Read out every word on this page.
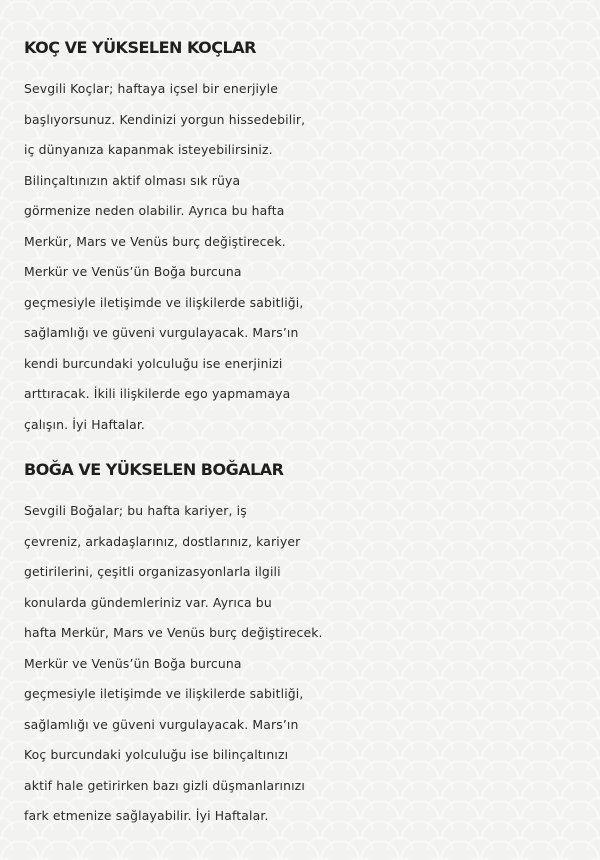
KOÇ VE YÜKSELEN KOÇLAR
Sevgili Koçlar; haftaya içsel bir enerjiyle
başlıyorsunuz. Kendinizi yorgun hissedebilir,
iç dünyanıza kapanmak isteyebilirsiniz.
Bilinçaltınızın aktif olması sık rüya
görmenize neden olabilir. Ayrıca bu hafta
Merkür, Mars ve Venüs burç değiştirecek.
Merkür ve Venüs’ün Boğa burcuna
geçmesiyle iletişimde ve ilişkilerde sabitliği,
sağlamlığı ve güveni vurgulayacak. Mars’ın
kendi burcundaki yolculuğu ise enerjinizi
arttıracak. İkili ilişkilerde ego yapmamaya
çalışın. İyi Haftalar.
BOĞA VE YÜKSELEN BOĞALAR
Sevgili Boğalar; bu hafta kariyer, iş
çevreniz, arkadaşlarınız, dostlarınız, kariyer
getirilerini, çeşitli organizasyonlarla ilgili
konularda gündemleriniz var. Ayrıca bu
hafta Merkür, Mars ve Venüs burç değiştirecek.
Merkür ve Venüs’ün Boğa burcuna
geçmesiyle iletişimde ve ilişkilerde sabitliği,
sağlamlığı ve güveni vurgulayacak. Mars’ın
Koç burcundaki yolculuğu ise bilinçaltınızı
aktif hale getirirken bazı gizli düşmanlarınızı
fark etmenize sağlayabilir. İyi Haftalar.
